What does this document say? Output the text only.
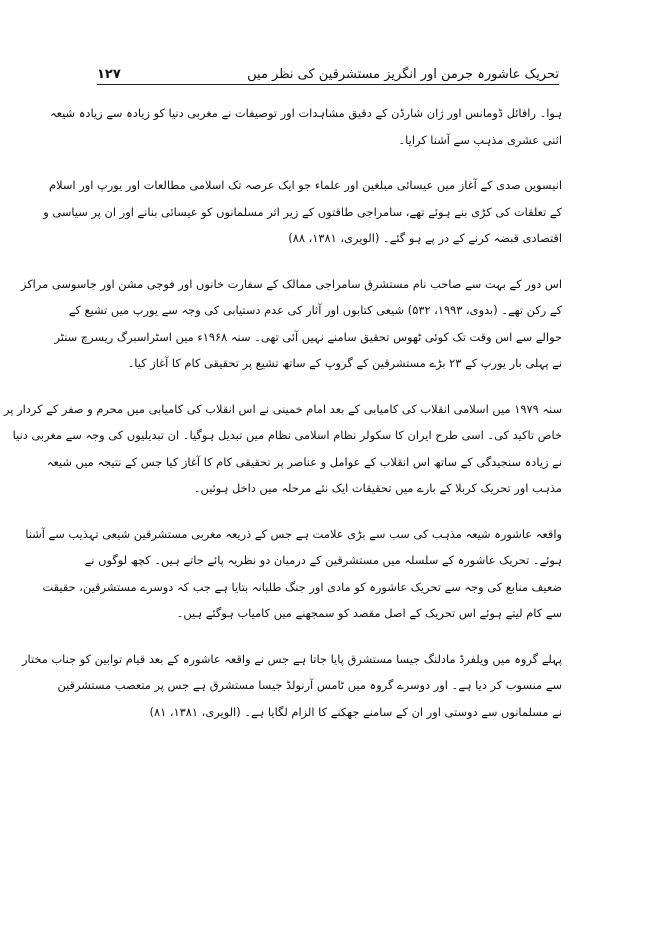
تحریک عاشورہ جرمن اور انگریز مستشرقین کی نظر میں
۱۲۷
ہوا۔ رافائل ڈومانس اور ژان شارڈن کے دقیق مشاہدات اور توصیفات نے مغربی دنیا کو زیادہ سے زیادہ شیعہ
اثنی عشری مذہب سے آشنا کرایا۔
انیسویں صدی کے آغاز میں عیسائی مبلغین اور علماء جو ایک عرصہ تک اسلامی مطالعات اور یورپ اور اسلام
کے تعلقات کی کڑی بنے ہوئے تھے، سامراجی طاقتوں کے زیر اثر مسلمانوں کو عیسائی بنانے اور ان پر سیاسی و
اقتصادی قبضہ کرنے کے در پے ہو گئے۔ (الویری، ۱۳۸۱، ۸۸)
اس دور کے بہت سے صاحب نام مستشرق سامراجی ممالک کے سفارت خانوں اور فوجی مشن اور جاسوسی مراکز
کے رکن تھے۔ (بدوی، ۱۹۹۳، ۵۳۲) شیعی کتابوں اور آثار کی عدم دستیابی کی وجہ سے یورپ میں تشیع کے
حوالے سے اس وقت تک کوئی ٹھوس تحقیق سامنے نہیں آئی تھی۔ سنہ ۱۹۶۸ء میں اسٹراسبرگ ریسرچ سنٹر
نے پہلی بار یورپ کے ۲۳ بڑے مستشرقین کے گروپ کے ساتھ تشیع پر تحقیقی کام کا آغاز کیا۔
سنہ ۱۹۷۹ میں اسلامی انقلاب کی کامیابی کے بعد امام خمینی نے اس انقلاب کی کامیابی میں محرم و صفر کے کردار پر
خاص تاکید کی۔ اسی طرح ایران کا سکولر نظام اسلامی نظام میں تبدیل ہوگیا۔ ان تبدیلیوں کی وجہ سے مغربی دنیا
نے زیادہ سنجیدگی کے ساتھ اس انقلاب کے عوامل و عناصر پر تحقیقی کام کا آغاز کیا جس کے نتیجہ میں شیعہ
مذہب اور تحریک کربلا کے بارے میں تحقیقات ایک نئے مرحلہ میں داخل ہوئیں۔
واقعہ عاشورہ شیعہ مذہب کی سب سے بڑی علامت ہے جس کے ذریعہ مغربی مستشرقین شیعی تہذیب سے آشنا
ہوئے۔ تحریک عاشورہ کے سلسلہ میں مستشرقین کے درمیان دو نظریہ پائے جاتے ہیں۔ کچھ لوگوں نے
ضعیف منابع کی وجہ سے تحریک عاشورہ کو مادی اور جنگ طلبانہ بتایا ہے جب کہ دوسرے مستشرقین، حقیقت
سے کام لیتے ہوئے اس تحریک کے اصل مقصد کو سمجھنے میں کامیاب ہوگئے ہیں۔
پہلے گروہ میں ویلفرڈ مادلنگ جیسا مستشرق پایا جاتا ہے جس نے واقعہ عاشورہ کے بعد قیام توابین کو جناب مختار
سے منسوب کر دیا ہے۔ اور دوسرے گروہ میں ٹامس آرنولڈ جیسا مستشرق ہے جس پر متعصب مستشرقین
نے مسلمانوں سے دوستی اور ان کے سامنے جھکنے کا الزام لگایا ہے۔ (الویری، ۱۳۸۱، ۸۱)
